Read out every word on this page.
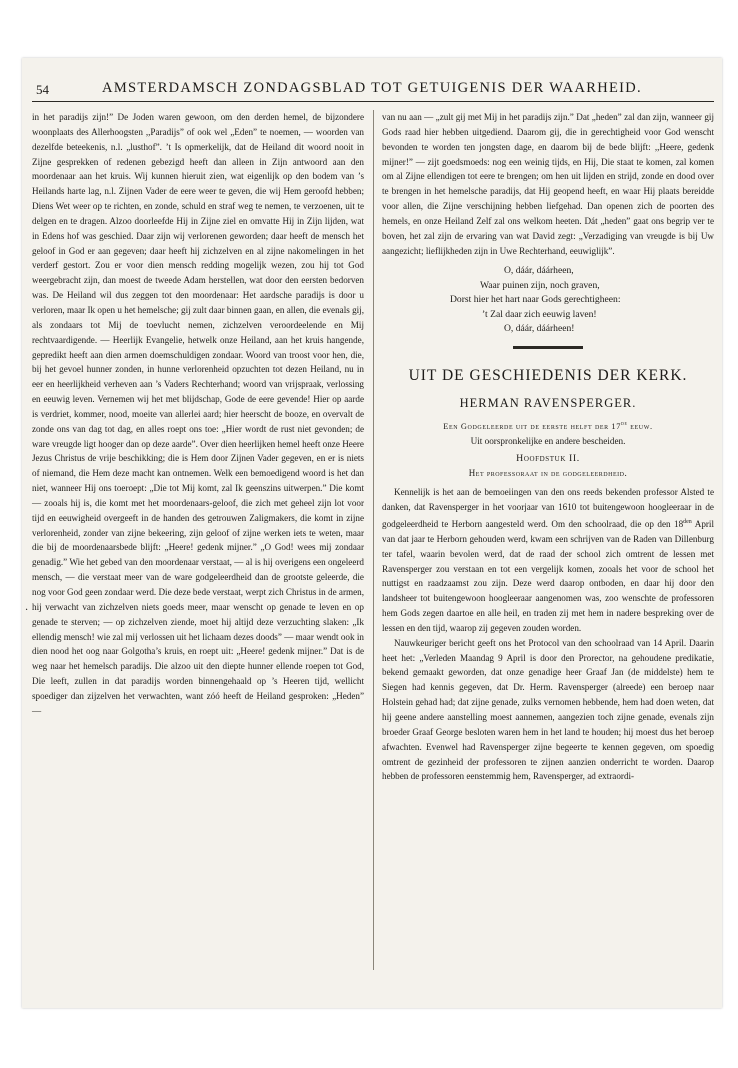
54	AMSTERDAMSCH ZONDAGSBLAD TOT GETUIGENIS DER WAARHEID.

in het paradijs zijn!” De Joden waren gewoon, om den derden hemel, de bijzondere woonplaats des Allerhoogsten ,,Paradijs” of ook wel „Eden” te noemen, — woorden van dezelfde beteekenis, n.l. „lusthof”. ’t Is opmerkelijk, dat de Heiland dit woord nooit in Zijne gesprekken of redenen gebezigd heeft dan alleen in Zijn antwoord aan den moordenaar aan het kruis. Wij kunnen hieruit zien, wat eigenlijk op den bodem van ’s Heilands harte lag, n.l. Zijnen Vader de eere weer te geven, die wij Hem geroofd hebben; Diens Wet weer op te richten, en zonde, schuld en straf weg te nemen, te verzoenen, uit te delgen en te dragen. Alzoo doorleefde Hij in Zijne ziel en omvatte Hij in Zijn lijden, wat in Edens hof was geschied. Daar zijn wij verlorenen geworden; daar heeft de mensch het geloof in God er aan gegeven; daar heeft hij zichzelven en al zijne nakomelingen in het verderf gestort. Zou er voor dien mensch redding mogelijk wezen, zou hij tot God weergebracht zijn, dan moest de tweede Adam herstellen, wat door den eersten bedorven was. De Heiland wil dus zeggen tot den moordenaar: Het aardsche paradijs is door u verloren, maar Ik open u het hemelsche; gij zult daar binnen gaan, en allen, die evenals gij, als zondaars tot Mij de toevlucht nemen, zichzelven veroordeelende en Mij rechtvaardigende. — Heerlijk Evangelie, hetwelk onze Heiland, aan het kruis hangende, gepredikt heeft aan dien armen doemschuldigen zondaar. Woord van troost voor hen, die, bij het gevoel hunner zonden, in hunne verlorenheid opzuchten tot dezen Heiland, nu in eer en heerlijkheid verheven aan ’s Vaders Rechterhand; woord van vrijspraak, verlossing en eeuwig leven. Vernemen wij het met blijdschap, Gode de eere gevende! Hier op aarde is verdriet, kommer, nood, moeite van allerlei aard; hier heerscht de booze, en overvalt de zonde ons van dag tot dag, en alles roept ons toe: „Hier wordt de rust niet gevonden; de ware vreugde ligt hooger dan op deze aarde”. Over dien heerlijken hemel heeft onze Heere Jezus Christus de vrije beschikking; die is Hem door Zijnen Vader gegeven, en er is niets of niemand, die Hem deze macht kan ontnemen. Welk een bemoedigend woord is het dan niet, wanneer Hij ons toeroept: „Die tot Mij komt, zal Ik geenszins uitwerpen.” Die komt — zooals hij is, die komt met het moordenaars-geloof, die zich met geheel zijn lot voor tijd en eeuwigheid overgeeft in de handen des getrouwen Zaligmakers, die komt in zijne verlorenheid, zonder van zijne bekeering, zijn geloof of zijne werken iets te weten, maar die bij de moordenaarsbede blijft: „Heere! gedenk mijner.” „O God! wees mij zondaar genadig.” Wie het gebed van den moordenaar verstaat, — al is hij overigens een ongeleerd mensch, — die verstaat meer van de ware godgeleerdheid dan de grootste geleerde, die nog voor God geen zondaar werd. Die deze bede verstaat, werpt zich Christus in de armen, hij verwacht van zichzelven niets goeds meer, maar wenscht op genade te leven en op genade te sterven; — op zichzelven ziende, moet hij altijd deze verzuchting slaken: „Ik ellendig mensch! wie zal mij verlossen uit het lichaam dezes doods” — maar wendt ook in dien nood het oog naar Golgotha’s kruis, en roept uit: „Heere! gedenk mijner.” Dat is de weg naar het hemelsch paradijs. Die alzoo uit den diepte hunner ellende roepen tot God, Die leeft, zullen in dat paradijs worden binnengehaald op ’s Heeren tijd, wellicht spoediger dan zijzelven het verwachten, want zóó heeft de Heiland gesproken: „Heden” —

.

van nu aan — „zult gij met Mij in het paradijs zijn.” Dat „heden” zal dan zijn, wanneer gij Gods raad hier hebben uitgediend. Daarom gij, die in gerechtigheid voor God wenscht bevonden te worden ten jongsten dage, en daarom bij de bede blijft: ,,Heere, gedenk mijner!” — zijt goedsmoeds: nog een weinig tijds, en Hij, Die staat te komen, zal komen om al Zijne ellendigen tot eere te brengen; om hen uit lijden en strijd, zonde en dood over te brengen in het hemelsche paradijs, dat Hij geopend heeft, en waar Hij plaats bereidde voor allen, die Zijne verschijning hebben liefgehad. Dan openen zich de poorten des hemels, en onze Heiland Zelf zal ons welkom heeten. Dát „heden” gaat ons begrip ver te boven, het zal zijn de ervaring van wat David zegt: „Verzadiging van vreugde is bij Uw aangezicht; lieflijkheden zijn in Uwe Rechterhand, eeuwiglijk”.

O, dáár, dáárheen,
Waar puinen zijn, noch graven,
Dorst hier het hart naar Gods gerechtigheen:
’t Zal daar zich eeuwig laven!
O, dáár, dáárheen!
UIT DE GESCHIEDENIS DER KERK.
HERMAN RAVENSPERGER.
Een Godgeleerde uit de eerste helft der 17de eeuw.
Uit oorspronkelijke en andere bescheiden.
Hoofdstuk II.
Het professoraat in de godgeleerdheid.

Kennelijk is het aan de bemoeiingen van den ons reeds bekenden professor Alsted te danken, dat Ravensperger in het voorjaar van 1610 tot buitengewoon hoogleeraar in de godgeleerdheid te Herborn aangesteld werd. Om den schoolraad, die op den $18^{den}$ April van dat jaar te Herborn gehouden werd, kwam een schrijven van de Raden van Dillenburg ter tafel, waarin bevolen werd, dat de raad der school zich omtrent de lessen met Ravensperger zou verstaan en tot een vergelijk komen, zooals het voor de school het nuttigst en raadzaamst zou zijn. Deze werd daarop ontboden, en daar hij door den landsheer tot buitengewoon hoogleeraar aangenomen was, zoo wenschte de professoren hem Gods zegen daartoe en alle heil, en traden zij met hem in nadere bespreking over de lessen en den tijd, waarop zij gegeven zouden worden.

Nauwkeuriger bericht geeft ons het Protocol van den schoolraad van 14 April. Daarin heet het: „Verleden Maandag 9 April is door den Prorector, na gehoudene predikatie, bekend gemaakt geworden, dat onze genadige heer Graaf Jan (de middelste) hem te Siegen had kennis gegeven, dat Dr. Herm. Ravensperger (alreede) een beroep naar Holstein gehad had; dat zijne genade, zulks vernomen hebbende, hem had doen weten, dat hij geene andere aanstelling moest aannemen, aangezien toch zijne genade, evenals zijn broeder Graaf George besloten waren hem in het land te houden; hij moest dus het beroep afwachten. Evenwel had Ravensperger zijne begeerte te kennen gegeven, om spoedig omtrent de gezinheid der professoren te zijnen aanzien onderricht te worden. Daarop hebben de professoren eenstemmig hem, Ravensperger, ad extraordi-
